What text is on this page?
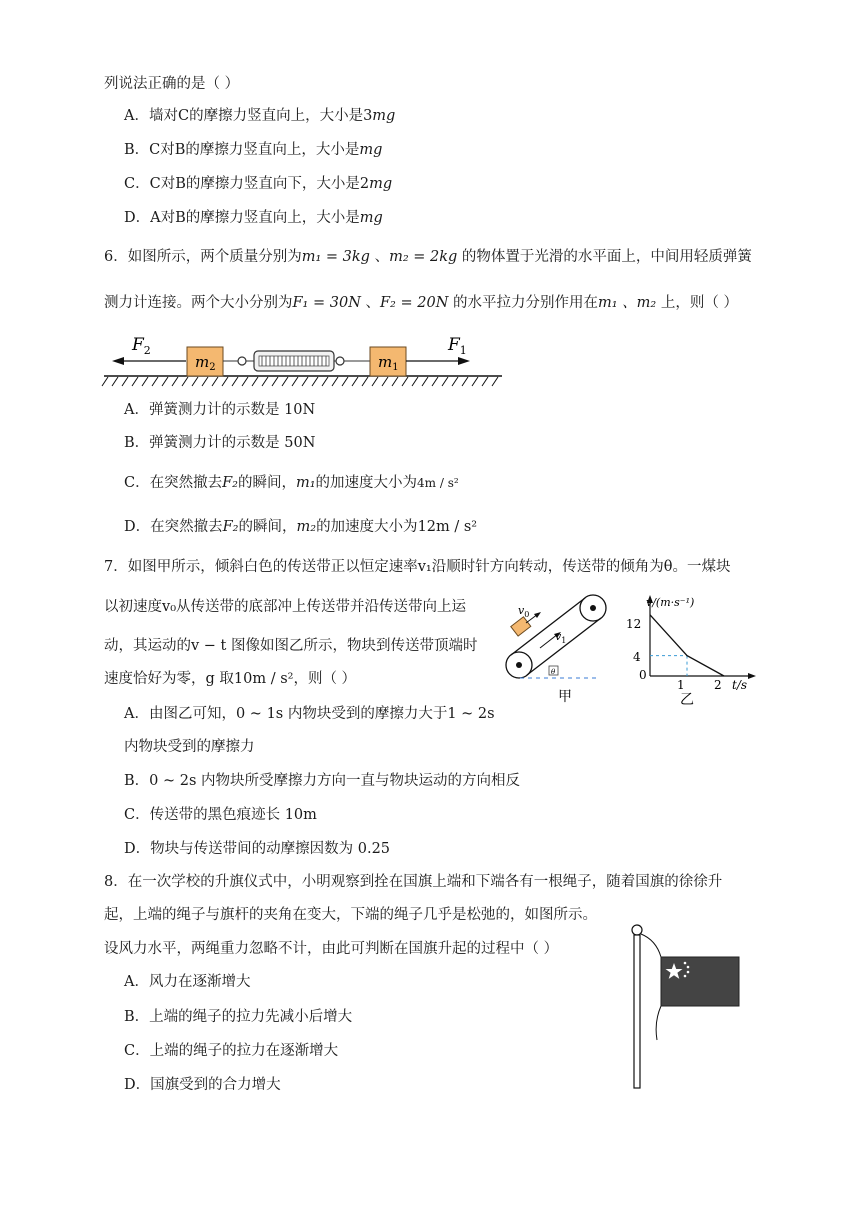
列说法正确的是（ ）
A．墙对C的摩擦力竖直向上，大小是3mg
B．C对B的摩擦力竖直向上，大小是mg
C．C对B的摩擦力竖直向下，大小是2mg
D．A对B的摩擦力竖直向上，大小是mg
6．如图所示，两个质量分别为m₁ = 3kg 、m₂ = 2kg 的物体置于光滑的水平面上，中间用轻质弹簧
测力计连接。两个大小分别为F₁ = 30N 、F₂ = 20N 的水平拉力分别作用在m₁ 、m₂ 上，则（ ）
$F_2$
$m_2$	$m_1$
$F_1$
A．弹簧测力计的示数是 10N
B．弹簧测力计的示数是 50N
C．在突然撤去F₂的瞬间，m₁的加速度大小为4m / s²
D．在突然撤去F₂的瞬间，m₂的加速度大小为12m / s²
7．如图甲所示，倾斜白色的传送带正以恒定速率v₁沿顺时针方向转动，传送带的倾角为θ。一煤块
以初速度v₀从传送带的底部冲上传送带并沿传送带向上运
动，其运动的v − t 图像如图乙所示，物块到传送带顶端时
速度恰好为零，g 取10m / s²，则（ ）
$v_0$
$v_1$
θ
甲
v/(m·s⁻¹)
t/s
0
12
4
1 2
乙
A．由图乙可知，0 ~ 1s 内物块受到的摩擦力大于1 ~ 2s
内物块受到的摩擦力
B．0 ~ 2s 内物块所受摩擦力方向一直与物块运动的方向相反
C．传送带的黑色痕迹长 10m
D．物块与传送带间的动摩擦因数为 0.25
8．在一次学校的升旗仪式中，小明观察到拴在国旗上端和下端各有一根绳子，随着国旗的徐徐升
起，上端的绳子与旗杆的夹角在变大，下端的绳子几乎是松弛的，如图所示。
设风力水平，两绳重力忽略不计，由此可判断在国旗升起的过程中（ ）
A．风力在逐渐增大
B．上端的绳子的拉力先减小后增大
C．上端的绳子的拉力在逐渐增大
D．国旗受到的合力增大
